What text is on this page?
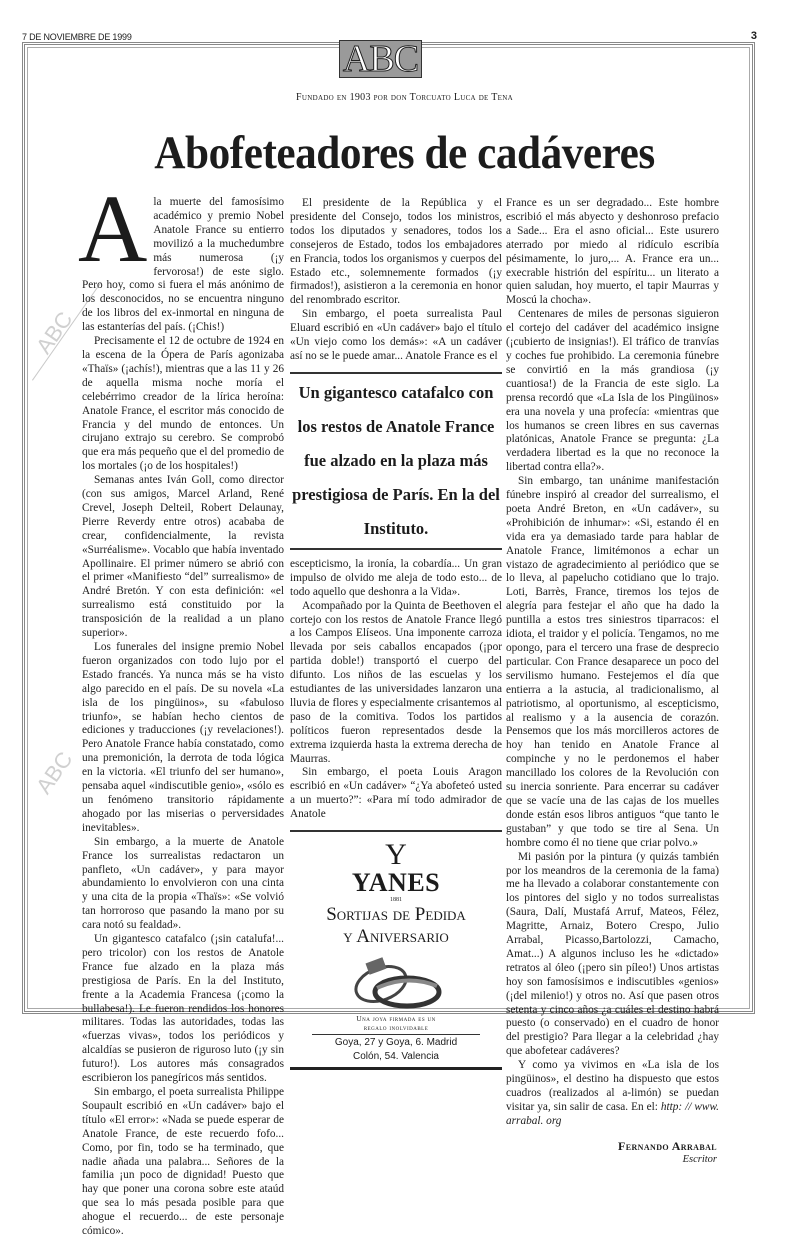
7 DE NOVIEMBRE DE 1999	3
ABC
Fundado en 1903 por don Torcuato Luca de Tena
Abofeteadores de cadáveres
ABC
ABC

Ala muerte del famosísimo académico y premio Nobel Anatole France su entierro movilizó a la muchedumbre más numerosa (¡y fervorosa!) de este siglo. Pero hoy, como si fuera el más anónimo de los desconocidos, no se encuentra ninguno de los libros del ex-inmortal en ninguna de las estanterías del país. (¡Chis!)

Precisamente el 12 de octubre de 1924 en la escena de la Ópera de París agonizaba «Thaïs» (¡achís!), mientras que a las 11 y 26 de aquella misma noche moría el celebérrimo creador de la lírica heroína: Anatole France, el escritor más conocido de Francia y del mundo de entonces. Un cirujano extrajo su cerebro. Se comprobó que era más pequeño que el del promedio de los mortales (¡o de los hospitales!)

Semanas antes Iván Goll, como director (con sus amigos, Marcel Arland, René Crevel, Joseph Delteil, Robert Delaunay, Pierre Reverdy entre otros) acababa de crear, confidencialmente, la revista «Surréalisme». Vocablo que había inventado Apollinaire. El primer número se abrió con el primer «Manifiesto “del” surrealismo» de André Bretón. Y con esta definición: «el surrealismo está constituido por la transposición de la realidad a un plano superior».

Los funerales del insigne premio Nobel fueron organizados con todo lujo por el Estado francés. Ya nunca más se ha visto algo parecido en el país. De su novela «La isla de los pingüinos», su «fabuloso triunfo», se habían hecho cientos de ediciones y traducciones (¡y revelaciones!). Pero Anatole France había constatado, como una premonición, la derrota de toda lógica en la victoria. «El triunfo del ser humano», pensaba aquel «indiscutible genio», «sólo es un fenómeno transitorio rápidamente ahogado por las miserias o perversidades inevitables».

Sin embargo, a la muerte de Anatole France los surrealistas redactaron un panfleto, «Un cadáver», y para mayor abundamiento lo envolvieron con una cinta y una cita de la propia «Thaïs»: «Se volvió tan horroroso que pasando la mano por su cara notó su fealdad».

Un gigantesco catafalco (¡sin catalufa!... pero tricolor) con los restos de Anatole France fue alzado en la plaza más prestigiosa de París. En la del Instituto, frente a la Academia Francesa (¡como la bullabesa!). Le fueron rendidos los honores militares. Todas las autoridades, todas las «fuerzas vivas», todos los periódicos y alcaldías se pusieron de riguroso luto (¡y sin futuro!). Los autores más consagrados escribieron los panegíricos más sentidos.

Sin embargo, el poeta surrealista Philippe Soupault escribió en «Un cadáver» bajo el título «El error»: «Nada se puede esperar de Anatole France, de este recuerdo fofo... Como, por fin, todo se ha terminado, que nadie añada una palabra... Señores de la familia ¡un poco de dignidad! Puesto que hay que poner una corona sobre este ataúd que sea lo más pesada posible para que ahogue el recuerdo... de este personaje cómico».

El presidente de la República y el presidente del Consejo, todos los ministros, todos los diputados y senadores, todos los consejeros de Estado, todos los embajadores en Francia, todos los organismos y cuerpos del Estado etc., solemnemente formados (¡y firmados!), asistieron a la ceremonia en honor del renombrado escritor.

Sin embargo, el poeta surrealista Paul Eluard escribió en «Un cadáver» bajo el título «Un viejo como los demás»: «A un cadáver así no se le puede amar... Anatole France es el

Un gigantesco catafalco con los restos de Anatole France fue alzado en la plaza más prestigiosa de París. En la del Instituto.

escepticismo, la ironía, la cobardía... Un gran impulso de olvido me aleja de todo esto... de todo aquello que deshonra a la Vida».

Acompañado por la Quinta de Beethoven el cortejo con los restos de Anatole France llegó a los Campos Elíseos. Una imponente carroza llevada por seis caballos encapados (¡por partida doble!) transportó el cuerpo del difunto. Los niños de las escuelas y los estudiantes de las universidades lanzaron una lluvia de flores y especialmente crisantemos al paso de la comitiva. Todos los partidos políticos fueron representados desde la extrema izquierda hasta la extrema derecha de Maurras.

Sin embargo, el poeta Louis Aragon escribió en «Un cadáver» “¿Ya abofeteó usted a un muerto?”: «Para mí todo admirador de Anatole

Y
YANES
1881
Sortijas de Pedida
y Aniversario
Una joya firmada es un
regalo inolvidable
Goya, 27 y Goya, 6. Madrid
Colón, 54. Valencia

France es un ser degradado... Este hombre escribió el más abyecto y deshonroso prefacio a Sade... Era el asno oficial... Este usurero aterrado por miedo al ridículo escribía pésimamente, lo juro,... A. France era un... execrable histrión del espíritu... un literato a quien saludan, hoy muerto, el tapir Maurras y Moscú la chocha».

Centenares de miles de personas siguieron el cortejo del cadáver del académico insigne (¡cubierto de insignias!). El tráfico de tranvías y coches fue prohibido. La ceremonia fúnebre se convirtió en la más grandiosa (¡y cuantiosa!) de la Francia de este siglo. La prensa recordó que «La Isla de los Pingüinos» era una novela y una profecía: «mientras que los humanos se creen libres en sus cavernas platónicas, Anatole France se pregunta: ¿La verdadera libertad es la que no reconoce la libertad contra ella?».

Sin embargo, tan unánime manifestación fúnebre inspiró al creador del surrealismo, el poeta André Breton, en «Un cadáver», su «Prohibición de inhumar»: «Si, estando él en vida era ya demasiado tarde para hablar de Anatole France, limitémonos a echar un vistazo de agradecimiento al periódico que se lo lleva, al papelucho cotidiano que lo trajo. Loti, Barrès, France, tiremos los tejos de alegría para festejar el año que ha dado la puntilla a estos tres siniestros tiparracos: el idiota, el traidor y el policía. Tengamos, no me opongo, para el tercero una frase de desprecio particular. Con France desaparece un poco del servilismo humano. Festejemos el día que entierra a la astucia, al tradicionalismo, al patriotismo, al oportunismo, al escepticismo, al realismo y a la ausencia de corazón. Pensemos que los más morcilleros actores de hoy han tenido en Anatole France al compinche y no le perdonemos el haber mancillado los colores de la Revolución con su inercia sonriente. Para encerrar su cadáver que se vacíe una de las cajas de los muelles donde están esos libros antiguos “que tanto le gustaban” y que todo se tire al Sena. Un hombre como él no tiene que criar polvo.»

Mi pasión por la pintura (y quizás también por los meandros de la ceremonia de la fama) me ha llevado a colaborar constantemente con los pintores del siglo y no todos surrealistas (Saura, Dalí, Mustafá Arruf, Mateos, Félez, Magritte, Arnaiz, Botero Crespo, Julio Arrabal, Picasso,Bartolozzi, Camacho, Amat...) A algunos incluso les he «dictado» retratos al óleo (¡pero sin píleo!) Unos artistas hoy son famosísimos e indiscutibles «genios» (¡del milenio!) y otros no. Así que pasen otros setenta y cinco años ¿a cuáles el destino habrá puesto (o conservado) en el cuadro de honor del prestigio? Para llegar a la celebridad ¿hay que abofetear cadáveres?

Y como ya vivimos en «La isla de los pingüinos», el destino ha dispuesto que estos cuadros (realizados al a-limón) se puedan visitar ya, sin salir de casa. En el: http: // www. arrabal. org

Fernando Arrabal
Escritor
